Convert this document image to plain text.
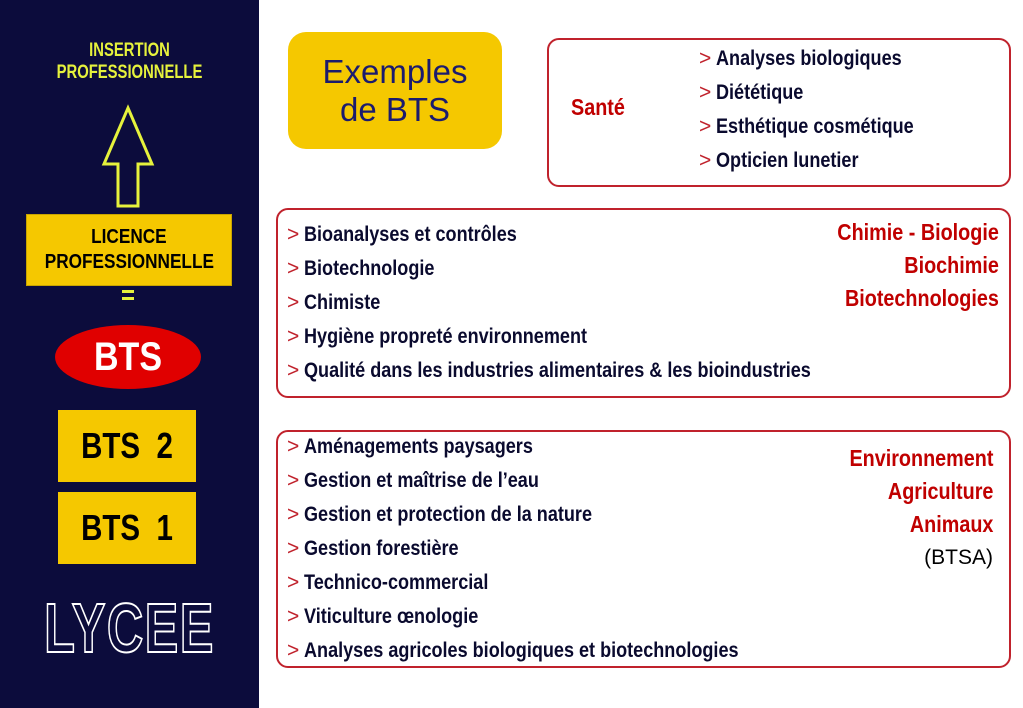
INSERTION PROFESSIONNELLE
LICENCE
PROFESSIONNELLE
BTS
BTS  2
BTS  1
LYCEE
Exemples
de BTS	Santé
> Analyses biologiques
> Diététique
> Esthétique cosmétique
> Opticien lunetier
> Bioanalyses et contrôles
> Biotechnologie
> Chimiste
> Hygiène propreté environnement
> Qualité dans les industries alimentaires & les bioindustries
Chimie - Biologie
Biochimie
Biotechnologies
> Aménagements paysagers
> Gestion et maîtrise de l’eau
> Gestion et protection de la nature
> Gestion forestière
> Technico-commercial
> Viticulture œnologie
> Analyses agricoles biologiques et biotechnologies
Environnement
Agriculture
Animaux
(BTSA)
